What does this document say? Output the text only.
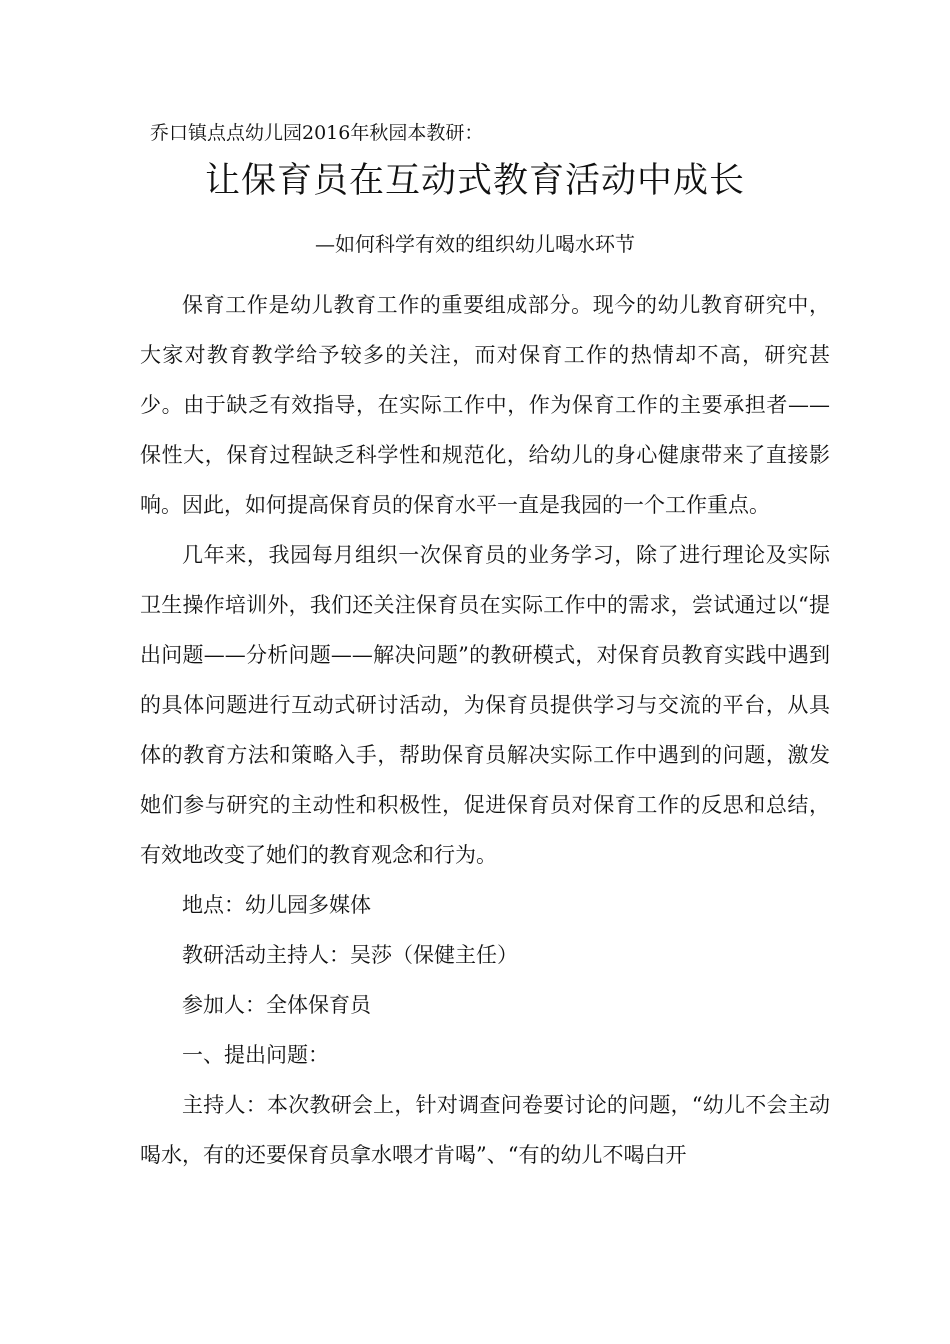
乔口镇点点幼儿园2016年秋园本教研：
让保育员在互动式教育活动中成长
—如何科学有效的组织幼儿喝水环节

保育工作是幼儿教育工作的重要组成部分。现今的幼儿教育研究中，大家对教育教学给予较多的关注，而对保育工作的热情却不高，研究甚少。由于缺乏有效指导，在实际工作中，作为保育工作的主要承担者——保性大，保育过程缺乏科学性和规范化，给幼儿的身心健康带来了直接影响。因此，如何提高保育员的保育水平一直是我园的一个工作重点。

几年来，我园每月组织一次保育员的业务学习，除了进行理论及实际卫生操作培训外，我们还关注保育员在实际工作中的需求，尝试通过以“提出问题——分析问题——解决问题”的教研模式，对保育员教育实践中遇到的具体问题进行互动式研讨活动，为保育员提供学习与交流的平台，从具体的教育方法和策略入手，帮助保育员解决实际工作中遇到的问题，激发她们参与研究的主动性和积极性，促进保育员对保育工作的反思和总结，有效地改变了她们的教育观念和行为。

地点：幼儿园多媒体

教研活动主持人：吴莎（保健主任）

参加人：全体保育员

一、提出问题：

主持人：本次教研会上，针对调查问卷要讨论的问题，“幼儿不会主动喝水，有的还要保育员拿水喂才肯喝”、“有的幼儿不喝白开
